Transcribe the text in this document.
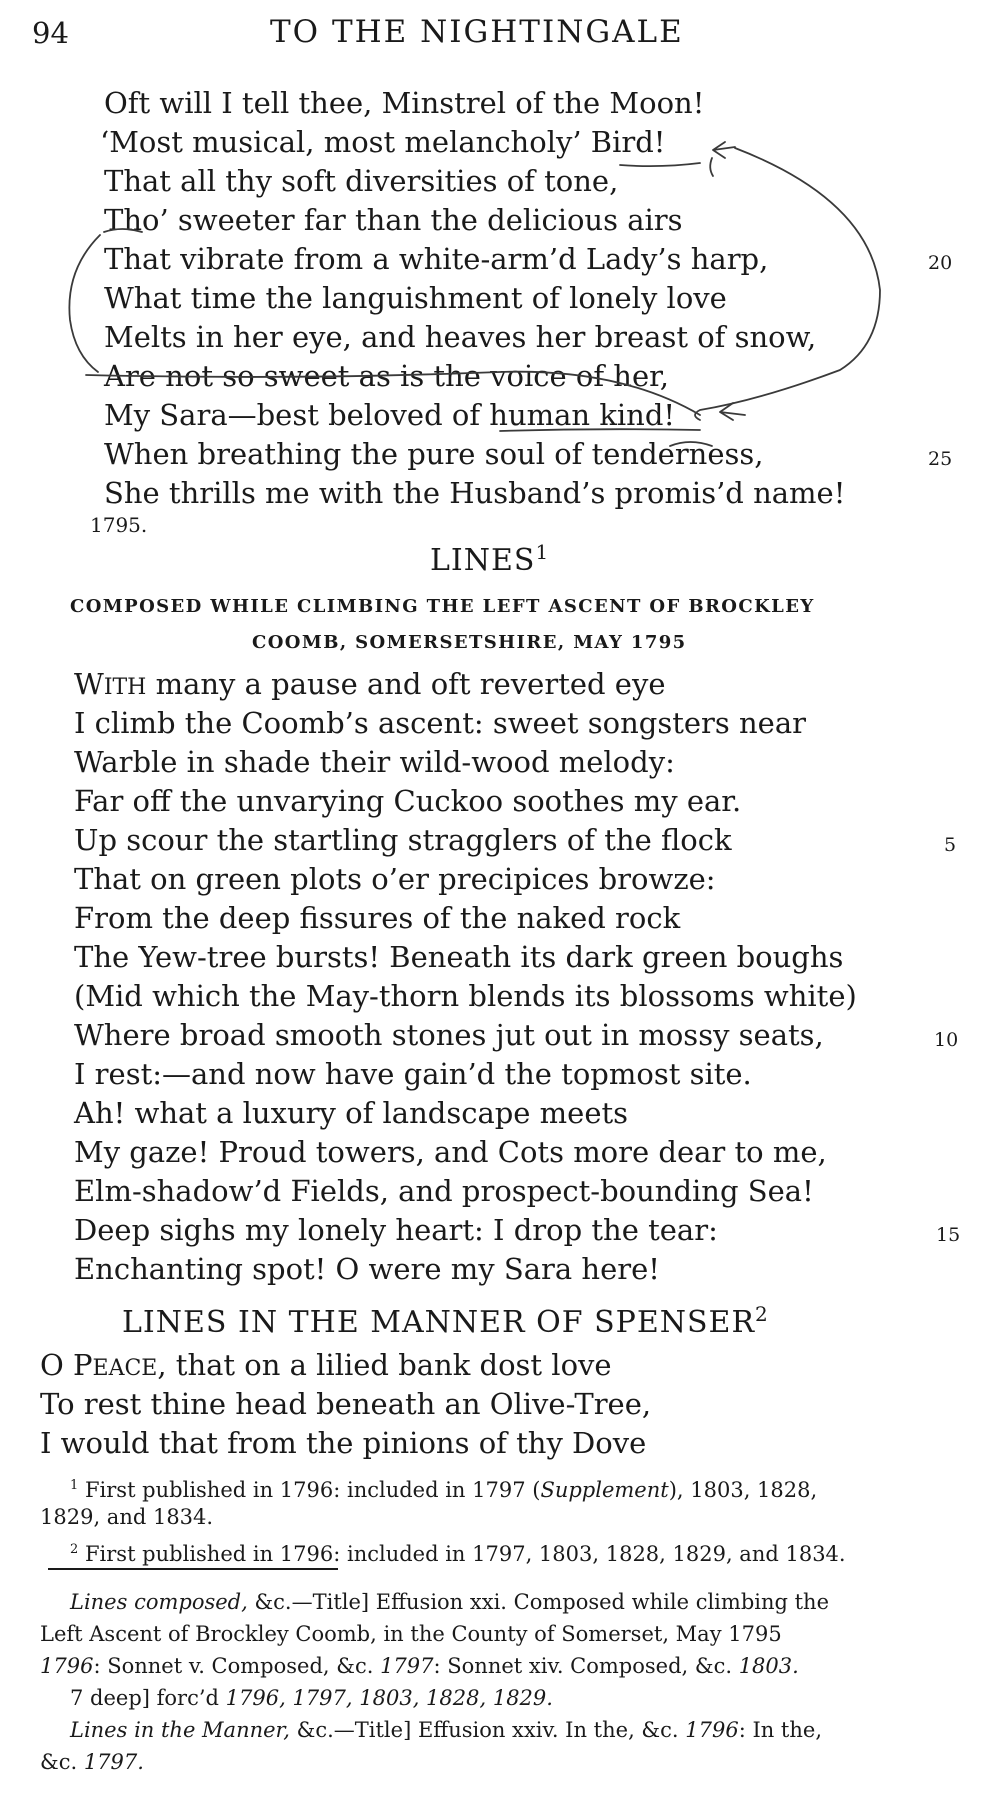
94	TO THE NIGHTINGALE
Oft will I tell thee, Minstrel of the Moon!
‘Most musical, most melancholy’ Bird!
That all thy soft diversities of tone,
Tho’ sweeter far than the delicious airs
That vibrate from a white-arm’d Lady’s harp,	20
What time the languishment of lonely love
Melts in her eye, and heaves her breast of snow,
Are not so sweet as is the voice of her,
My Sara—best beloved of human kind!
When breathing the pure soul of tenderness,	25
She thrills me with the Husband’s promis’d name!
1795.
LINES$^1$
COMPOSED WHILE CLIMBING THE LEFT ASCENT OF BROCKLEY
COOMB, SOMERSETSHIRE, MAY 1795
WITH many a pause and oft reverted eye
I climb the Coomb’s ascent: sweet songsters near
Warble in shade their wild-wood melody:
Far off the unvarying Cuckoo soothes my ear.
Up scour the startling stragglers of the flock	5
That on green plots o’er precipices browze:
From the deep fissures of the naked rock
The Yew-tree bursts! Beneath its dark green boughs
(Mid which the May-thorn blends its blossoms white)
Where broad smooth stones jut out in mossy seats,	10
I rest:—and now have gain’d the topmost site.
Ah! what a luxury of landscape meets
My gaze! Proud towers, and Cots more dear to me,
Elm-shadow’d Fields, and prospect-bounding Sea!
Deep sighs my lonely heart: I drop the tear:	15
Enchanting spot! O were my Sara here!
LINES IN THE MANNER OF SPENSER$^2$
O PEACE, that on a lilied bank dost love
To rest thine head beneath an Olive-Tree,
I would that from the pinions of thy Dove
$^1$ First published in 1796: included in 1797 (Supplement), 1803, 1828,
1829, and 1834.
$^2$ First published in 1796: included in 1797, 1803, 1828, 1829, and 1834.
Lines composed, &c.—Title] Effusion xxi. Composed while climbing the
Left Ascent of Brockley Coomb, in the County of Somerset, May 1795
1796: Sonnet v. Composed, &c. 1797: Sonnet xiv. Composed, &c. 1803.
7 deep] forc’d 1796, 1797, 1803, 1828, 1829.
Lines in the Manner, &c.—Title] Effusion xxiv. In the, &c. 1796: In the,
&c. 1797.
